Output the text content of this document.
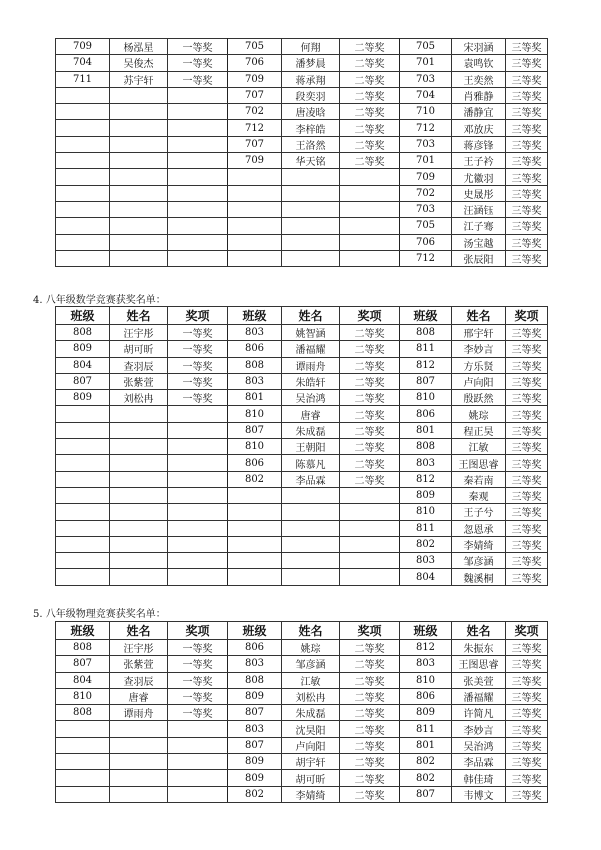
709	杨泓星	一等奖	705	何翔	二等奖	705	宋羽涵	三等奖
704	吴俊杰	一等奖	706	潘梦晨	二等奖	701	袁鸣钦	三等奖
711	苏宇轩	一等奖	709	蒋承翔	二等奖	703	王奕然	三等奖
			707	段奕羽	二等奖	704	肖雅静	三等奖
			702	唐凌晗	二等奖	710	潘静宜	三等奖
			712	李梓皓	二等奖	712	邓放庆	三等奖
			707	王洛然	二等奖	703	蒋彦锋	三等奖
			709	华天铭	二等奖	701	王子衿	三等奖
						709	尤徽羽	三等奖
						702	史晟彤	三等奖
						703	汪涵钰	三等奖
						705	江子骞	三等奖
						706	汤宝越	三等奖
						712	张辰阳	三等奖
4. 八年级数学竞赛获奖名单：
班级	姓名	奖项	班级	姓名	奖项	班级	姓名	奖项
808	汪宇彤	一等奖	803	姚智涵	二等奖	808	邢宇轩	三等奖
809	胡可昕	一等奖	806	潘福耀	二等奖	811	李妙言	三等奖
804	查羽辰	一等奖	808	谭雨舟	二等奖	812	方乐贤	三等奖
807	张紫萱	一等奖	803	朱皓轩	二等奖	807	卢向阳	三等奖
809	刘松冉	一等奖	801	吴治鸿	二等奖	810	殷跃然	三等奖
			810	唐睿	二等奖	806	姚琮	三等奖
			807	朱成磊	二等奖	801	程正昊	三等奖
			810	王朝阳	二等奖	808	江敏	三等奖
			806	陈慕凡	二等奖	803	王图思睿	三等奖
			802	李品霖	二等奖	812	秦若南	三等奖
						809	秦观	三等奖
						810	王子兮	三等奖
						811	忽恩承	三等奖
						802	李婧绮	三等奖
						803	邹彦涵	三等奖
						804	魏溪桐	三等奖
5. 八年级物理竞赛获奖名单：
班级	姓名	奖项	班级	姓名	奖项	班级	姓名	奖项
808	汪宇彤	一等奖	806	姚琮	二等奖	812	朱振东	三等奖
807	张紫萱	一等奖	803	邹彦涵	二等奖	803	王图思睿	三等奖
804	查羽辰	一等奖	808	江敏	二等奖	810	张美萱	三等奖
810	唐睿	一等奖	809	刘松冉	二等奖	806	潘福耀	三等奖
808	谭雨舟	一等奖	807	朱成磊	二等奖	809	许简凡	三等奖
			803	沈昊阳	二等奖	811	李妙言	三等奖
			807	卢向阳	二等奖	801	吴治鸿	三等奖
			809	胡宇轩	二等奖	802	李品霖	三等奖
			809	胡可昕	二等奖	802	韩佳琦	三等奖
			802	李婧绮	二等奖	807	韦博文	三等奖
